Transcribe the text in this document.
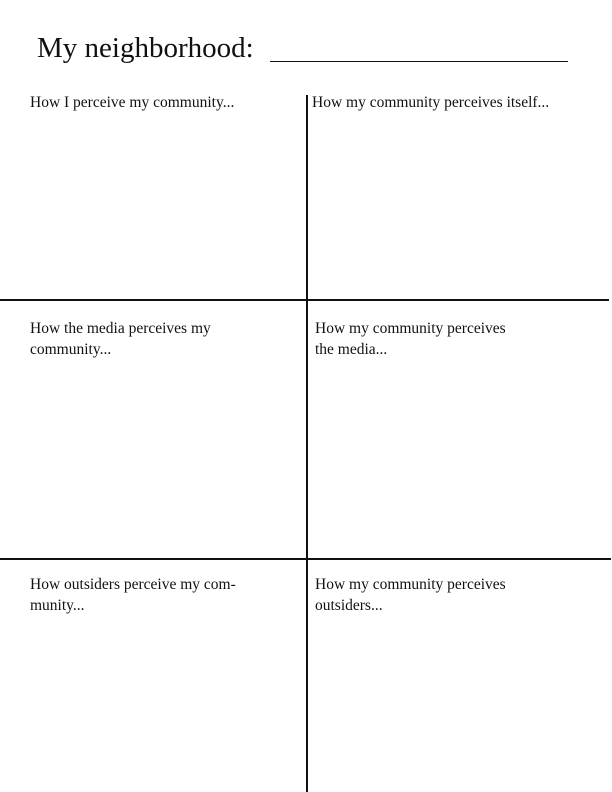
My neighborhood:
How I perceive my community...	How my community perceives itself...
How the media perceives my
community...
How my community perceives
the media...
How outsiders perceive my com-
munity...
How my community perceives
outsiders...
